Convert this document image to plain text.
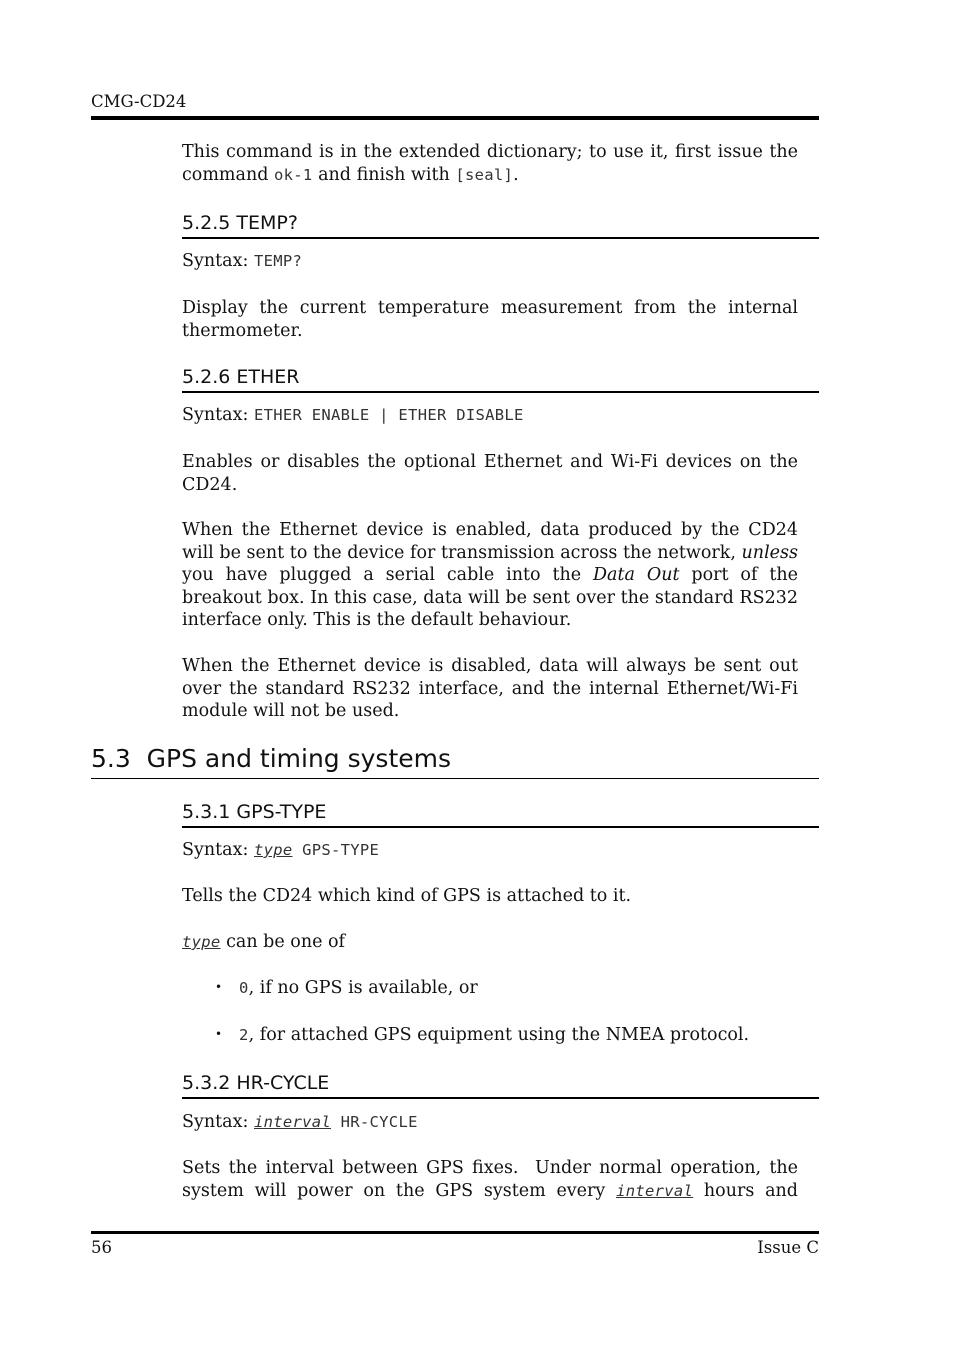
CMG-CD24

This command is in the extended dictionary; to use it, first issue the command ok-1 and finish with [seal].

5.2.5 TEMP?

Syntax: TEMP?

Display the current temperature measurement from the internal thermometer.

5.2.6 ETHER

Syntax: ETHER ENABLE | ETHER DISABLE

Enables or disables the optional Ethernet and Wi-Fi devices on the CD24.

When the Ethernet device is enabled, data produced by the CD24 will be sent to the device for transmission across the network, unless you have plugged a serial cable into the Data Out port of the breakout box. In this case, data will be sent over the standard RS232 interface only. This is the default behaviour.

When the Ethernet device is disabled, data will always be sent out over the standard RS232 interface, and the internal Ethernet/Wi-Fi module will not be used.

5.3  GPS and timing systems
5.3.1 GPS-TYPE

Syntax: type GPS-TYPE

Tells the CD24 which kind of GPS is attached to it.

type can be one of

• 0, if no GPS is available, or
• 2, for attached GPS equipment using the NMEA protocol.
5.3.2 HR-CYCLE

Syntax: interval HR-CYCLE

Sets the interval between GPS fixes.  Under normal operation, the system will power on the GPS system every interval hours and

56	Issue C
